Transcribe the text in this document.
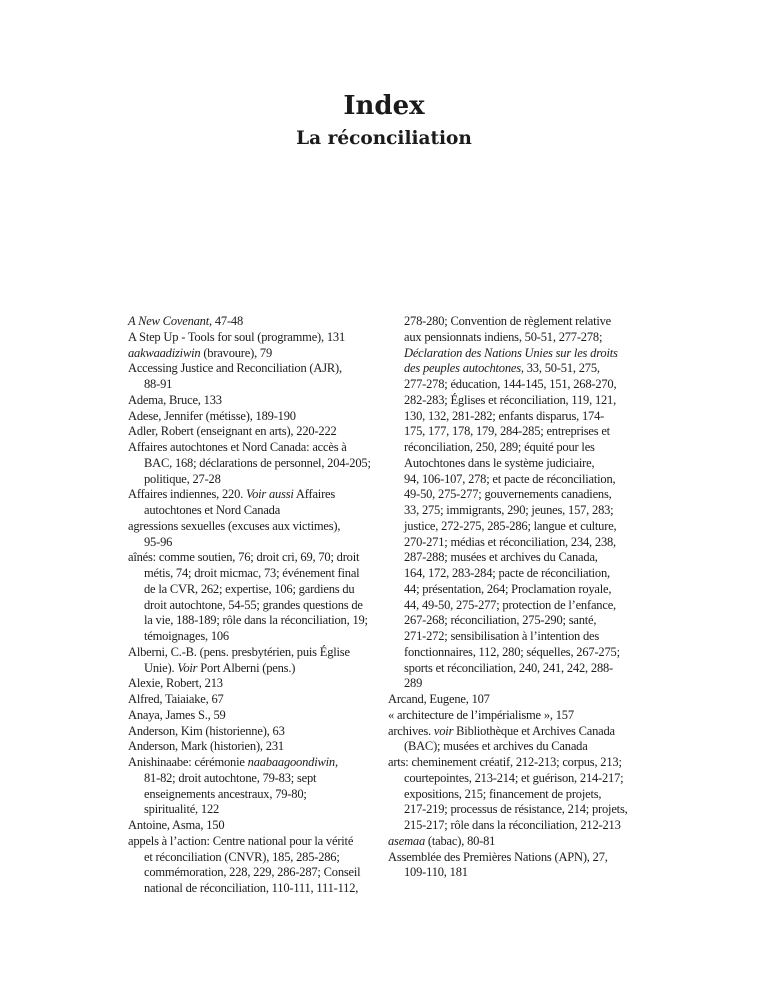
Index
La réconciliation
A New Covenant, 47-48
A Step Up - Tools for soul (programme), 131
aakwaadiziwin (bravoure), 79
Accessing Justice and Reconciliation (AJR),
88-91
Adema, Bruce, 133
Adese, Jennifer (métisse), 189-190
Adler, Robert (enseignant en arts), 220-222
Affaires autochtones et Nord Canada: accès à
BAC, 168; déclarations de personnel, 204-205;
politique, 27-28
Affaires indiennes, 220. Voir aussi Affaires
autochtones et Nord Canada
agressions sexuelles (excuses aux victimes),
95-96
aînés: comme soutien, 76; droit cri, 69, 70; droit
métis, 74; droit micmac, 73; événement final
de la CVR, 262; expertise, 106; gardiens du
droit autochtone, 54-55; grandes questions de
la vie, 188-189; rôle dans la réconciliation, 19;
témoignages, 106
Alberni, C.-B. (pens. presbytérien, puis Église
Unie). Voir Port Alberni (pens.)
Alexie, Robert, 213
Alfred, Taiaiake, 67
Anaya, James S., 59
Anderson, Kim (historienne), 63
Anderson, Mark (historien), 231
Anishinaabe: cérémonie naabaagoondiwin,
81-82; droit autochtone, 79-83; sept
enseignements ancestraux, 79-80;
spiritualité, 122
Antoine, Asma, 150
appels à l’action: Centre national pour la vérité
et réconciliation (CNVR), 185, 285-286;
commémoration, 228, 229, 286-287; Conseil
national de réconciliation, 110-111, 111-112,
278-280; Convention de règlement relative
aux pensionnats indiens, 50-51, 277-278;
Déclaration des Nations Unies sur les droits
des peuples autochtones, 33, 50-51, 275,
277-278; éducation, 144-145, 151, 268-270,
282-283; Églises et réconciliation, 119, 121,
130, 132, 281-282; enfants disparus, 174-
175, 177, 178, 179, 284-285; entreprises et
réconciliation, 250, 289; équité pour les
Autochtones dans le système judiciaire,
94, 106-107, 278; et pacte de réconciliation,
49-50, 275-277; gouvernements canadiens,
33, 275; immigrants, 290; jeunes, 157, 283;
justice, 272-275, 285-286; langue et culture,
270-271; médias et réconciliation, 234, 238,
287-288; musées et archives du Canada,
164, 172, 283-284; pacte de réconciliation,
44; présentation, 264; Proclamation royale,
44, 49-50, 275-277; protection de l’enfance,
267-268; réconciliation, 275-290; santé,
271-272; sensibilisation à l’intention des
fonctionnaires, 112, 280; séquelles, 267-275;
sports et réconciliation, 240, 241, 242, 288-
289
Arcand, Eugene, 107
« architecture de l’impérialisme », 157
archives. voir Bibliothèque et Archives Canada
(BAC); musées et archives du Canada
arts: cheminement créatif, 212-213; corpus, 213;
courtepointes, 213-214; et guérison, 214-217;
expositions, 215; financement de projets,
217-219; processus de résistance, 214; projets,
215-217; rôle dans la réconciliation, 212-213
asemaa (tabac), 80-81
Assemblée des Premières Nations (APN), 27,
109-110, 181
